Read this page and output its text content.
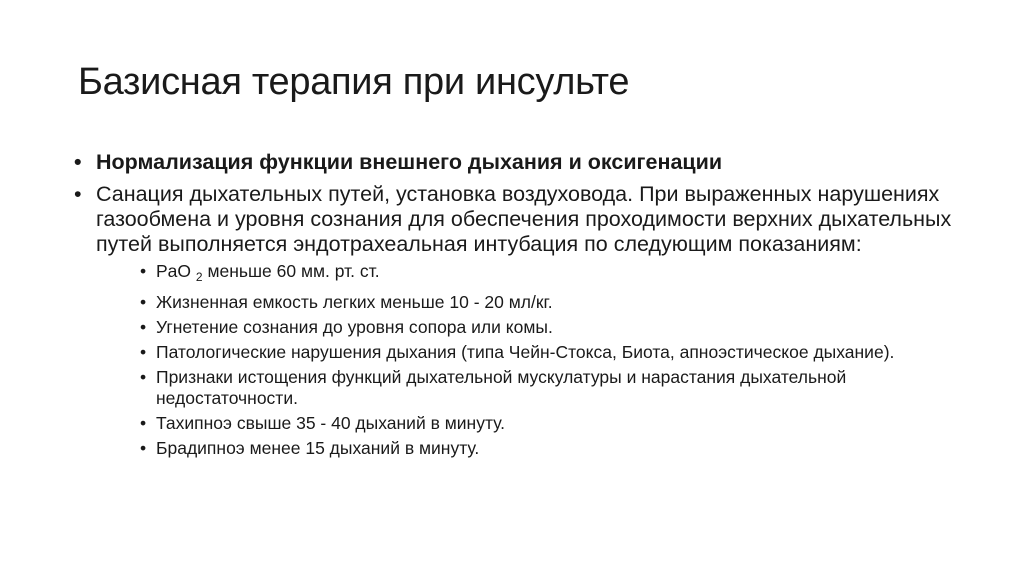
Базисная терапия при инсульте
• Нормализация функции внешнего дыхания и оксигенации
• Санация дыхательных путей, установка воздуховода. При выраженных нарушениях газообмена и уровня сознания для обеспечения проходимости верхних дыхательных путей выполняется эндотрахеальная интубация по следующим показаниям:
• PaO $_2$ меньше 60 мм. рт. ст.
• Жизненная емкость легких меньше 10 - 20 мл/кг.
• Угнетение сознания до уровня сопора или комы.
• Патологические нарушения дыхания (типа Чейн-Стокса, Биота, апноэстическое дыхание).
• Признаки истощения функций дыхательной мускулатуры и нарастания дыхательной недостаточности.
• Тахипноэ свыше 35 - 40 дыханий в минуту.
• Брадипноэ менее 15 дыханий в минуту.
